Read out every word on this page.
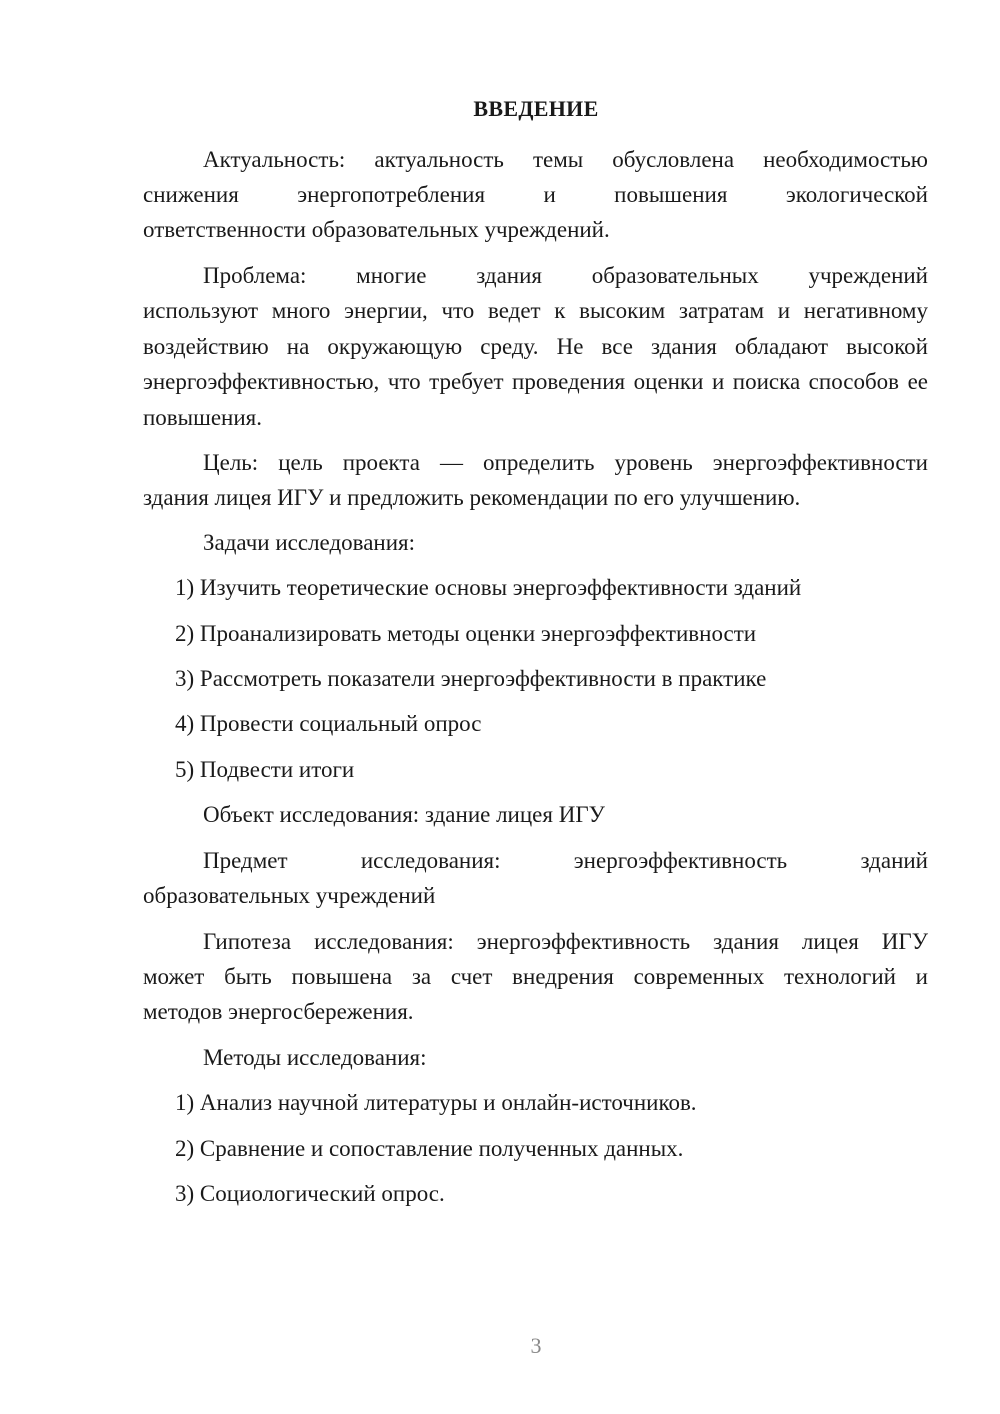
ВВЕДЕНИЕ
Актуальность: актуальность темы обусловлена необходимостью
снижения энергопотребления и повышения экологической
ответственности образовательных учреждений.
Проблема: многие здания образовательных учреждений
используют много энергии, что ведет к высоким затратам и негативному воздействию на окружающую среду. Не все здания обладают высокой энергоэффективностью, что требует проведения оценки и поиска способов ее повышения.
Цель: цель проекта — определить уровень энергоэффективности
здания лицея ИГУ и предложить рекомендации по его улучшению.
Задачи исследования:
1) Изучить теоретические основы энергоэффективности зданий
2) Проанализировать методы оценки энергоэффективности
3) Рассмотреть показатели энергоэффективности в практике
4) Провести социальный опрос
5) Подвести итоги
Объект исследования: здание лицея ИГУ
Предмет исследования: энергоэффективность зданий
образовательных учреждений
Гипотеза исследования: энергоэффективность здания лицея ИГУ
может быть повышена за счет внедрения современных технологий и
методов энергосбережения.
Методы исследования:
1) Анализ научной литературы и онлайн-источников.
2) Сравнение и сопоставление полученных данных.
3) Социологический опрос.
3
